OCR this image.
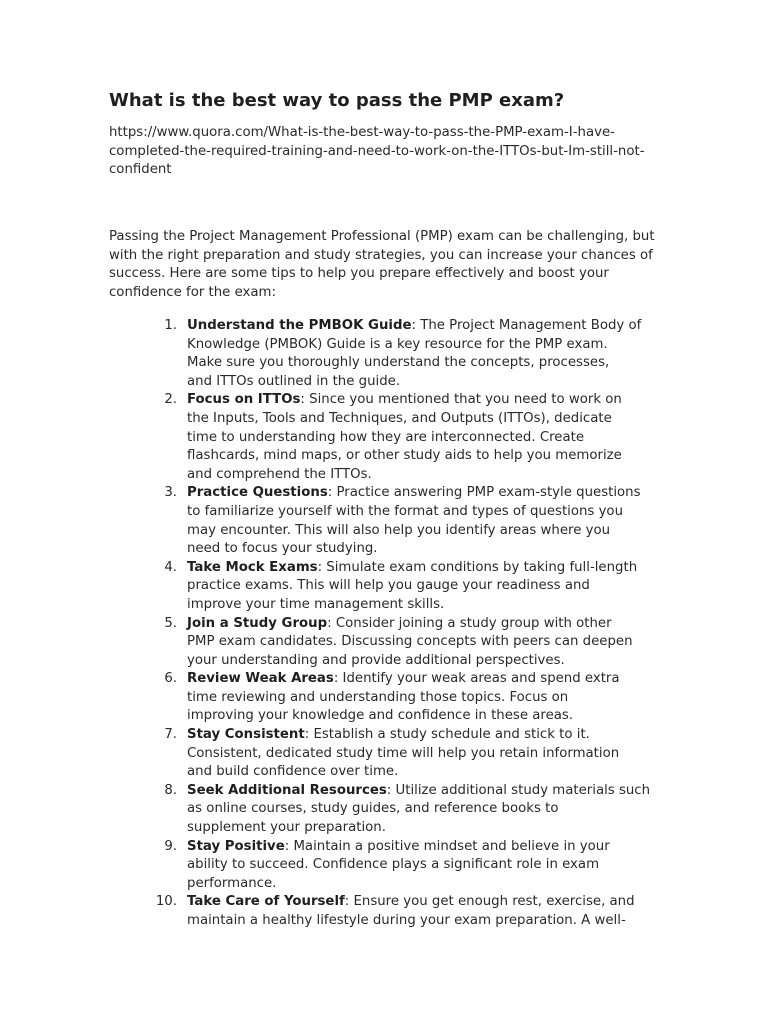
What is the best way to pass the PMP exam?

https://www.quora.com/What-is-the-best-way-to-pass-the-PMP-exam-I-have-
completed-the-required-training-and-need-to-work-on-the-ITTOs-but-Im-still-not-
confident

Passing the Project Management Professional (PMP) exam can be challenging, but
with the right preparation and study strategies, you can increase your chances of
success. Here are some tips to help you prepare effectively and boost your
confidence for the exam:

1. Understand the PMBOK Guide: The Project Management Body of
Knowledge (PMBOK) Guide is a key resource for the PMP exam.
Make sure you thoroughly understand the concepts, processes,
and ITTOs outlined in the guide.
2. Focus on ITTOs: Since you mentioned that you need to work on
the Inputs, Tools and Techniques, and Outputs (ITTOs), dedicate
time to understanding how they are interconnected. Create
flashcards, mind maps, or other study aids to help you memorize
and comprehend the ITTOs.
3. Practice Questions: Practice answering PMP exam-style questions
to familiarize yourself with the format and types of questions you
may encounter. This will also help you identify areas where you
need to focus your studying.
4. Take Mock Exams: Simulate exam conditions by taking full-length
practice exams. This will help you gauge your readiness and
improve your time management skills.
5. Join a Study Group: Consider joining a study group with other
PMP exam candidates. Discussing concepts with peers can deepen
your understanding and provide additional perspectives.
6. Review Weak Areas: Identify your weak areas and spend extra
time reviewing and understanding those topics. Focus on
improving your knowledge and confidence in these areas.
7. Stay Consistent: Establish a study schedule and stick to it.
Consistent, dedicated study time will help you retain information
and build confidence over time.
8. Seek Additional Resources: Utilize additional study materials such
as online courses, study guides, and reference books to
supplement your preparation.
9. Stay Positive: Maintain a positive mindset and believe in your
ability to succeed. Confidence plays a significant role in exam
performance.
10. Take Care of Yourself: Ensure you get enough rest, exercise, and
maintain a healthy lifestyle during your exam preparation. A well-
